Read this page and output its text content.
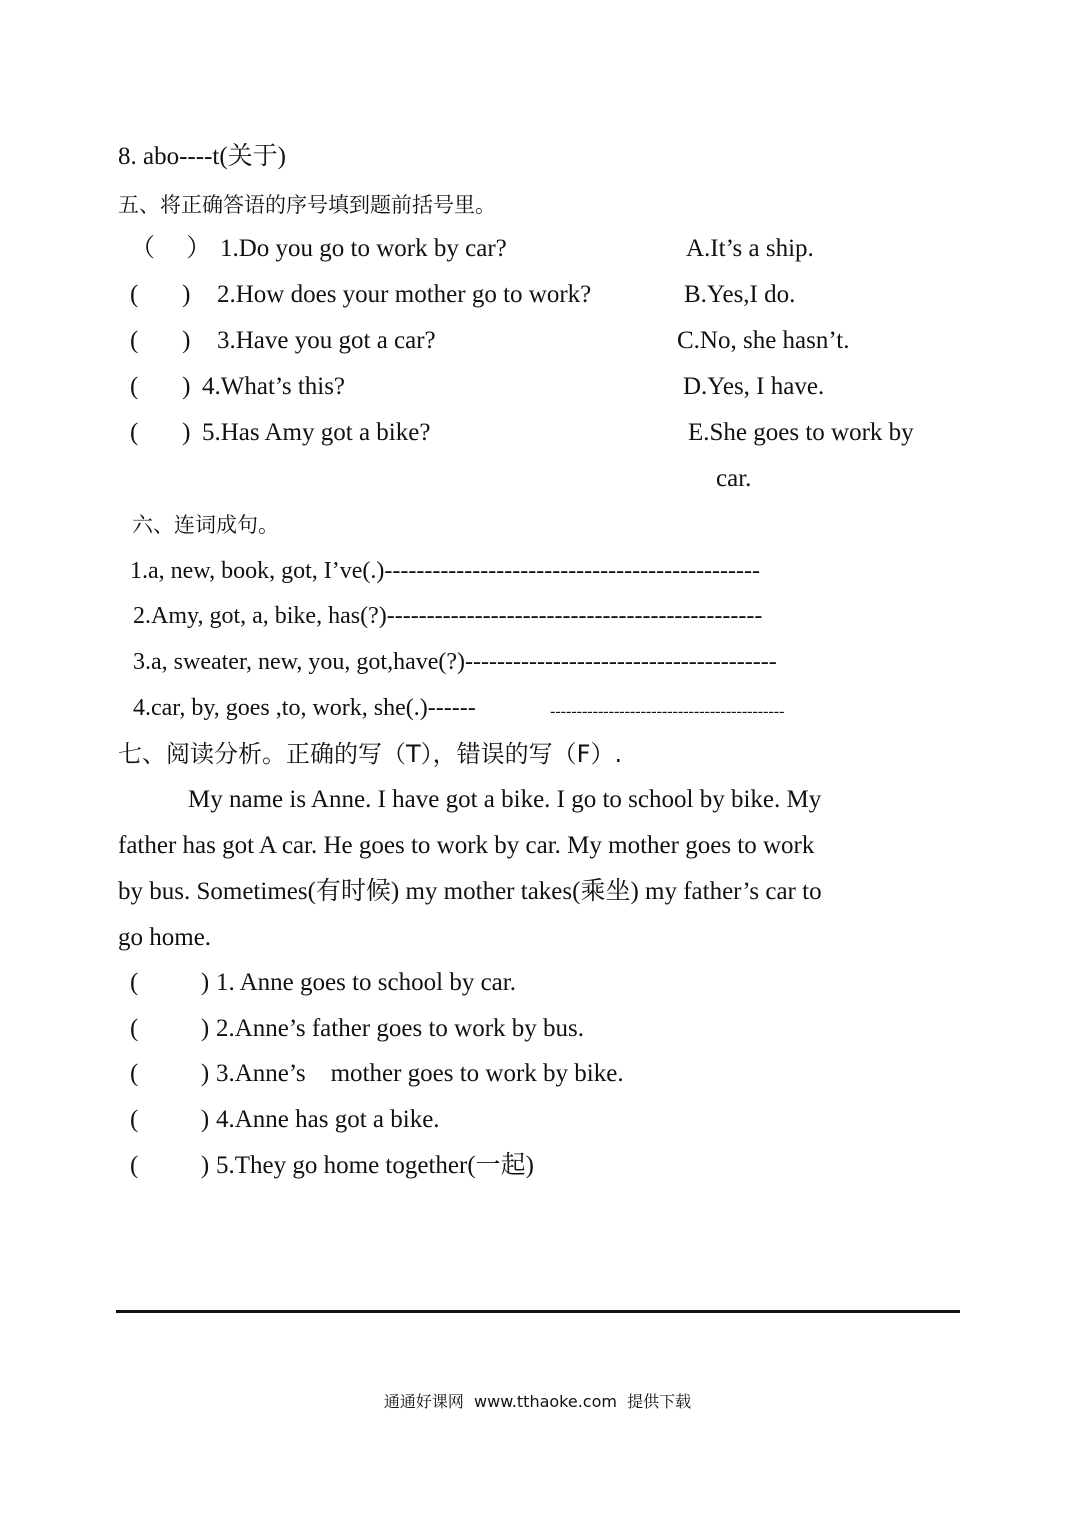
8. abo----t(关于)
五、将正确答语的序号填到题前括号里。
（     ） 1.Do you go to work by car?	A.It’s a ship.
(       ) 2.How does your mother go to work?	B.Yes,I do.
(       ) 3.Have you got a car?	C.No, she hasn’t.
(       ) 4.What’s this?	D.Yes, I have.
(       ) 5.Has Amy got a bike?	E.She goes to work by
car.
六、连词成句。
1.a, new, book, got, I’ve(.)-----------------------------------------------
2.Amy, got, a, bike, has(?)-----------------------------------------------
3.a, sweater, new, you, got,have(?)---------------------------------------
4.car, by, goes ,to, work, she(.)------	--------------------------------------------
七、阅读分析。正确的写（T），错误的写（F）.
My name is Anne. I have got a bike. I go to school by bike. My
father has got A car. He goes to work by car. My mother goes to work
by bus. Sometimes(有时候) my mother takes(乘坐) my father’s car to
go home.
(          ) 1. Anne goes to school by car.
(          ) 2.Anne’s father goes to work by bus.
(          ) 3.Anne’s    mother goes to work by bike.
(          ) 4.Anne has got a bike.
(          ) 5.They go home together(一起)
通通好课网  www.tthaoke.com  提供下载
